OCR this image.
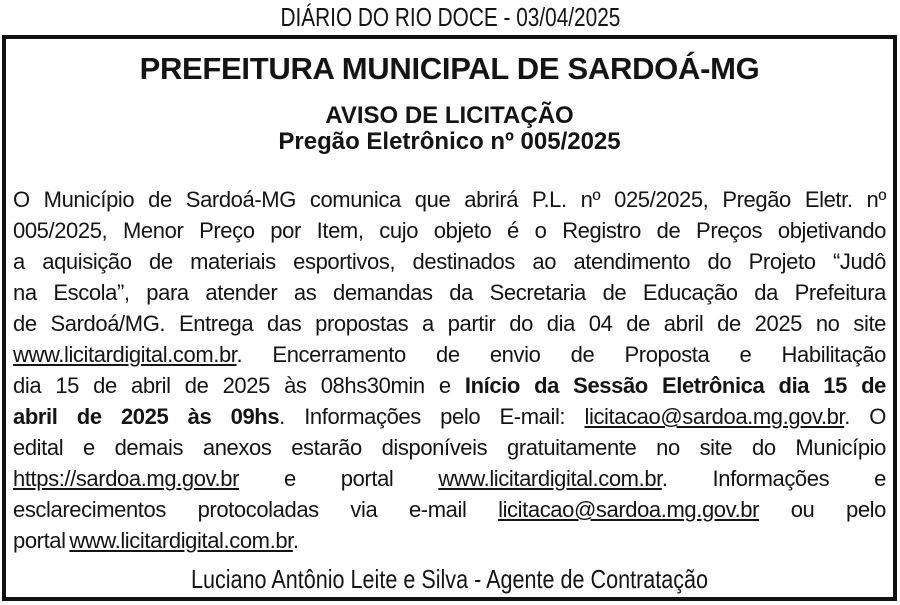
DIÁRIO DO RIO DOCE - 03/04/2025
PREFEITURA MUNICIPAL DE SARDOÁ-MG
AVISO DE LICITAÇÃO
Pregão Eletrônico nº 005/2025
O Município de Sardoá-MG comunica que abrirá P.L. nº 025/2025, Pregão Eletr. nº
005/2025, Menor Preço por Item, cujo objeto é o Registro de Preços objetivando
a aquisição de materiais esportivos, destinados ao atendimento do Projeto “Judô
na Escola”, para atender as demandas da Secretaria de Educação da Prefeitura
de Sardoá/MG. Entrega das propostas a partir do dia 04 de abril de 2025 no site
www.licitardigital.com.br. Encerramento de envio de Proposta e Habilitação
dia 15 de abril de 2025 às 08hs30min e Início da Sessão Eletrônica dia 15 de
abril de 2025 às 09hs. Informações pelo E-mail: licitacao@sardoa.mg.gov.br. O
edital e demais anexos estarão disponíveis gratuitamente no site do Município
https://sardoa.mg.gov.br e portal www.licitardigital.com.br. Informações e
esclarecimentos protocoladas via e-mail licitacao@sardoa.mg.gov.br ou pelo
portal www.licitardigital.com.br.
Luciano Antônio Leite e Silva - Agente de Contratação
